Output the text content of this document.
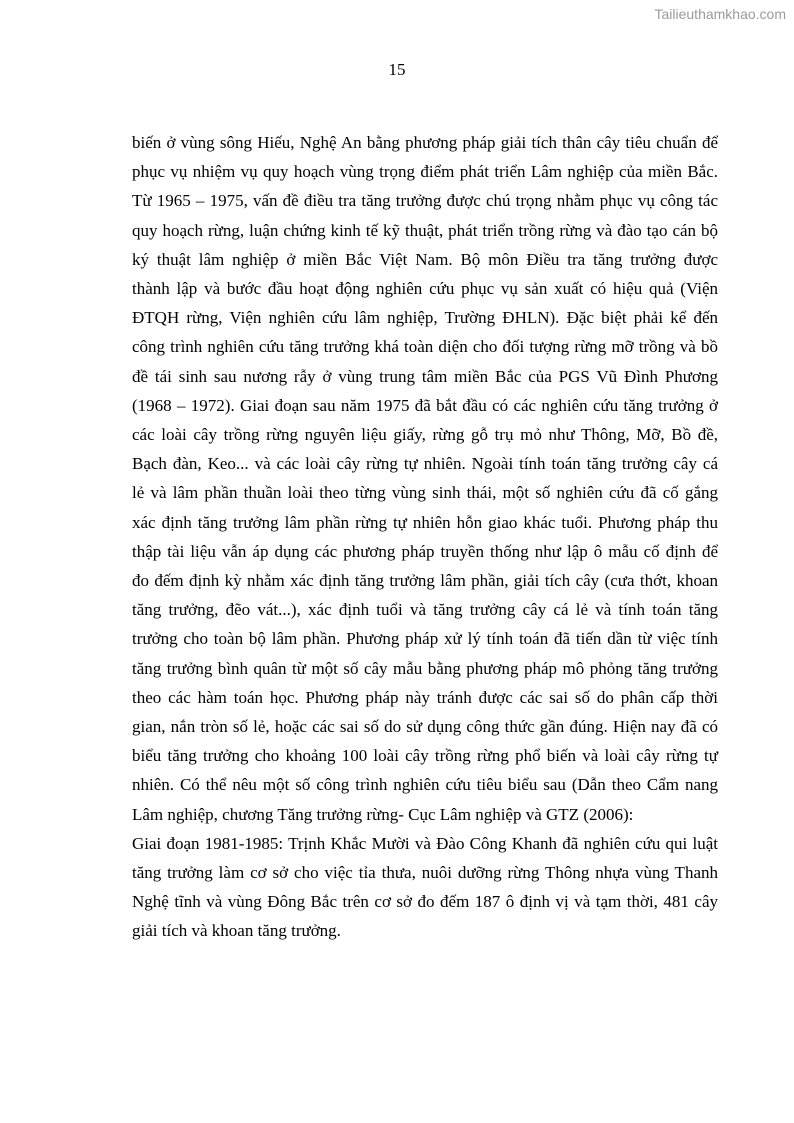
Tailieuthamkhao.com
15
biến ở vùng sông Hiếu, Nghệ An bằng phương pháp giải tích thân cây tiêu chuẩn để
phục vụ nhiệm vụ quy hoạch vùng trọng điểm phát triển Lâm nghiệp của miền Bắc.
Từ 1965 – 1975, vấn đề điều tra tăng trưởng được chú trọng nhằm phục vụ công tác
quy hoạch rừng, luận chứng kinh tế kỹ thuật, phát triển trồng rừng và đào tạo cán bộ
ký thuật lâm nghiệp ở miền Bắc Việt Nam. Bộ môn Điều tra tăng trưởng được
thành lập và bước đầu hoạt động nghiên cứu phục vụ sản xuất có hiệu quả (Viện
ĐTQH rừng, Viện nghiên cứu lâm nghiệp, Trường ĐHLN). Đặc biệt phải kể đến
công trình nghiên cứu tăng trưởng khá toàn diện cho đối tượng rừng mỡ trồng và bồ
đề tái sinh sau nương rẫy ở vùng trung tâm miền Bắc của PGS Vũ Đình Phương
(1968 – 1972). Giai đoạn sau năm 1975 đã bắt đầu có các nghiên cứu tăng trưởng ở
các loài cây trồng rừng nguyên liệu giấy, rừng gỗ trụ mỏ như Thông, Mỡ, Bồ đề,
Bạch đàn, Keo... và các loài cây rừng tự nhiên. Ngoài tính toán tăng trưởng cây cá
lẻ và lâm phần thuần loài theo từng vùng sinh thái, một số nghiên cứu đã cố gắng
xác định tăng trưởng lâm phần rừng tự nhiên hỗn giao khác tuổi. Phương pháp thu
thập tài liệu vẫn áp dụng các phương pháp truyền thống như lập ô mẫu cố định để
đo đếm định kỳ nhằm xác định tăng trưởng lâm phần, giải tích cây (cưa thớt, khoan
tăng trưởng, đẽo vát...), xác định tuổi và tăng trưởng cây cá lẻ và tính toán tăng
trưởng cho toàn bộ lâm phần. Phương pháp xử lý tính toán đã tiến dần từ việc tính
tăng trưởng bình quân từ một số cây mẫu bằng phương pháp mô phỏng tăng trưởng
theo các hàm toán học. Phương pháp này tránh được các sai số do phân cấp thời
gian, nắn tròn số lẻ, hoặc các sai số do sử dụng công thức gần đúng. Hiện nay đã có
biểu tăng trưởng cho khoảng 100 loài cây trồng rừng phổ biến và loài cây rừng tự
nhiên. Có thể nêu một số công trình nghiên cứu tiêu biểu sau (Dẫn theo Cẩm nang
Lâm nghiệp, chương Tăng trưởng rừng- Cục Lâm nghiệp và GTZ (2006):
Giai đoạn 1981-1985: Trịnh Khắc Mười và Đào Công Khanh đã nghiên cứu qui luật
tăng trưởng làm cơ sở cho việc tỉa thưa, nuôi dưỡng rừng Thông nhựa vùng Thanh
Nghệ tĩnh và vùng Đông Bắc trên cơ sở đo đếm 187 ô định vị và tạm thời, 481 cây
giải tích và khoan tăng trưởng.
